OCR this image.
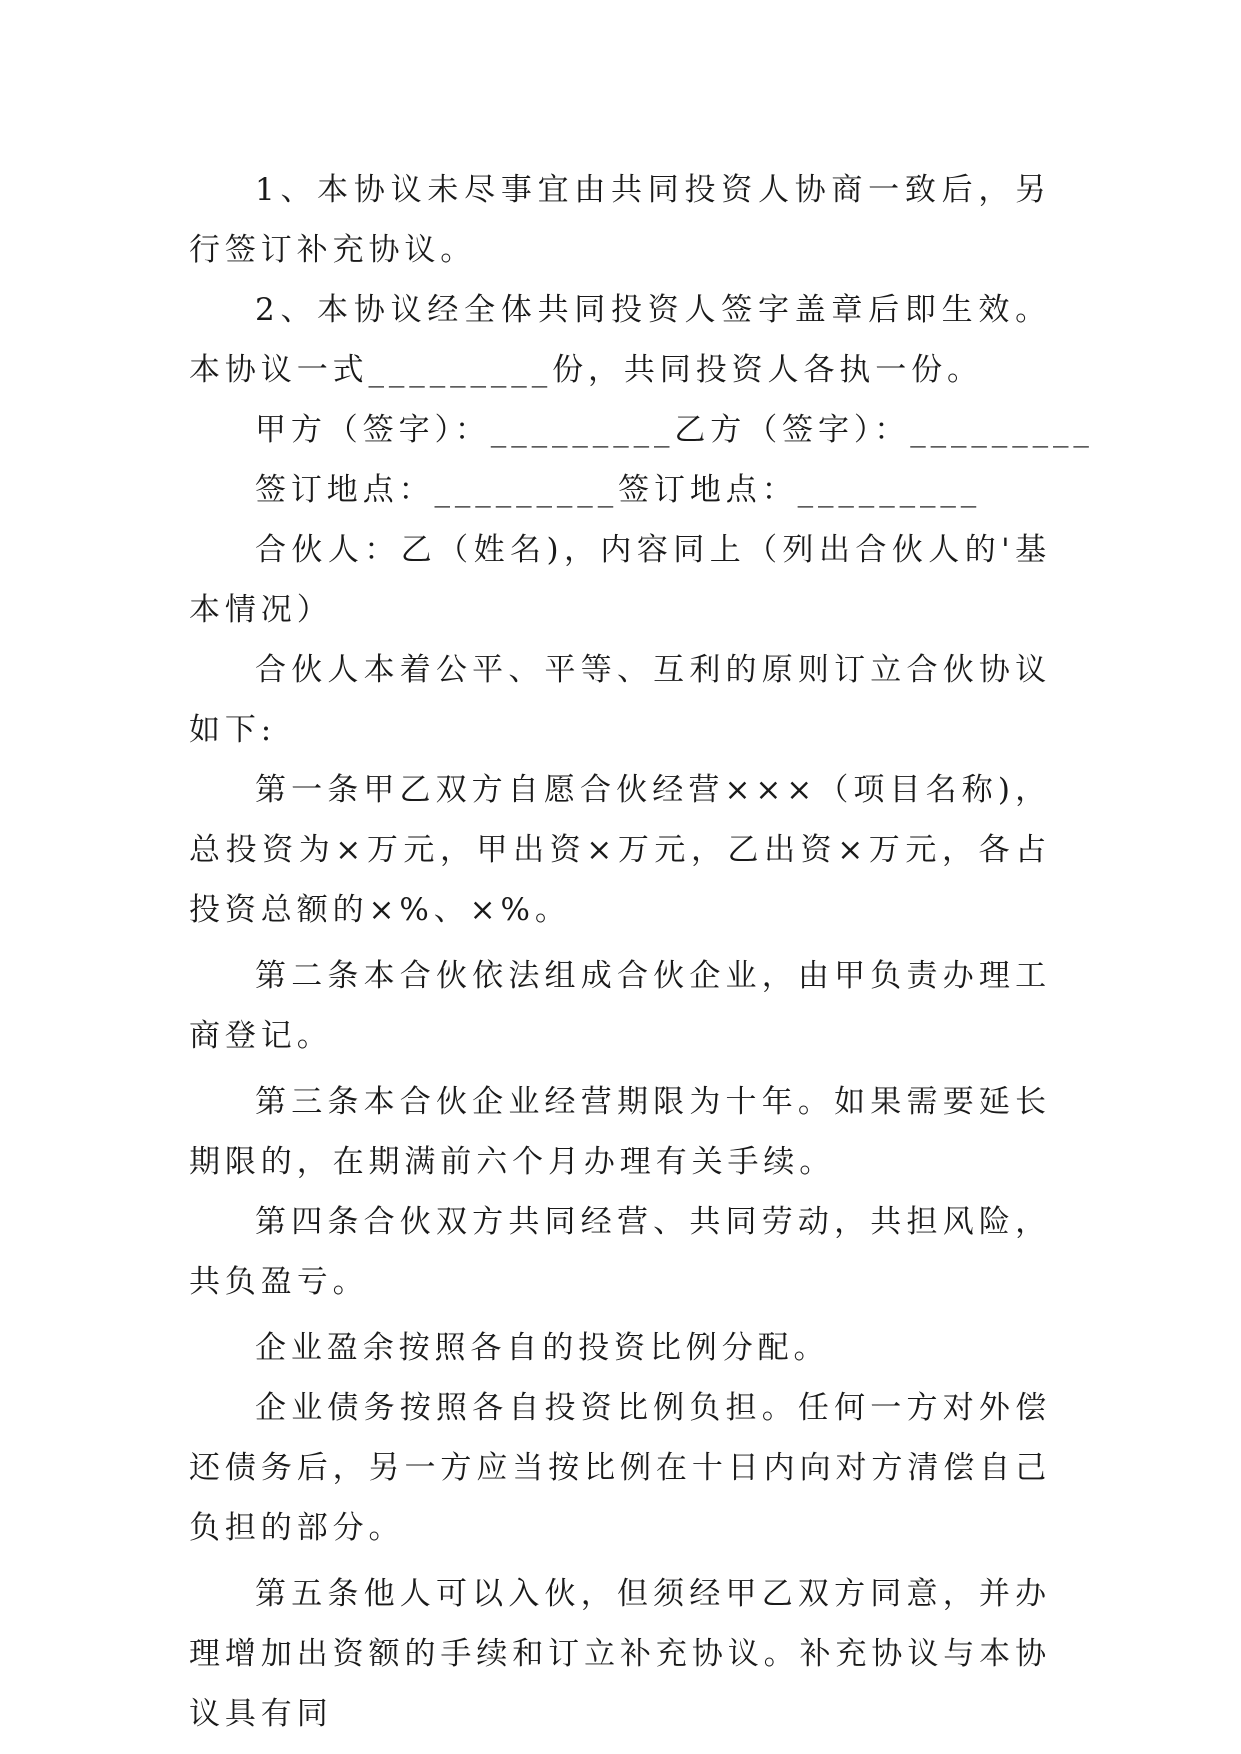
1、本协议未尽事宜由共同投资人协商一致后，另行签订补充协议。

2、本协议经全体共同投资人签字盖章后即生效。本协议一式_________份，共同投资人各执一份。

甲方（签字）：_________乙方（签字）：_________

签订地点：_________签订地点：_________

合伙人：乙（姓名)，内容同上（列出合伙人的'基本情况）

合伙人本着公平、平等、互利的原则订立合伙协议如下:

第一条甲乙双方自愿合伙经营×××（项目名称)，总投资为×万元，甲出资×万元，乙出资×万元，各占投资总额的×%、×%。

第二条本合伙依法组成合伙企业，由甲负责办理工商登记。

第三条本合伙企业经营期限为十年。如果需要延长期限的，在期满前六个月办理有关手续。

第四条合伙双方共同经营、共同劳动，共担风险，共负盈亏。

企业盈余按照各自的投资比例分配。

企业债务按照各自投资比例负担。任何一方对外偿还债务后，另一方应当按比例在十日内向对方清偿自己负担的部分。

第五条他人可以入伙，但须经甲乙双方同意，并办理增加出资额的手续和订立补充协议。补充协议与本协议具有同
